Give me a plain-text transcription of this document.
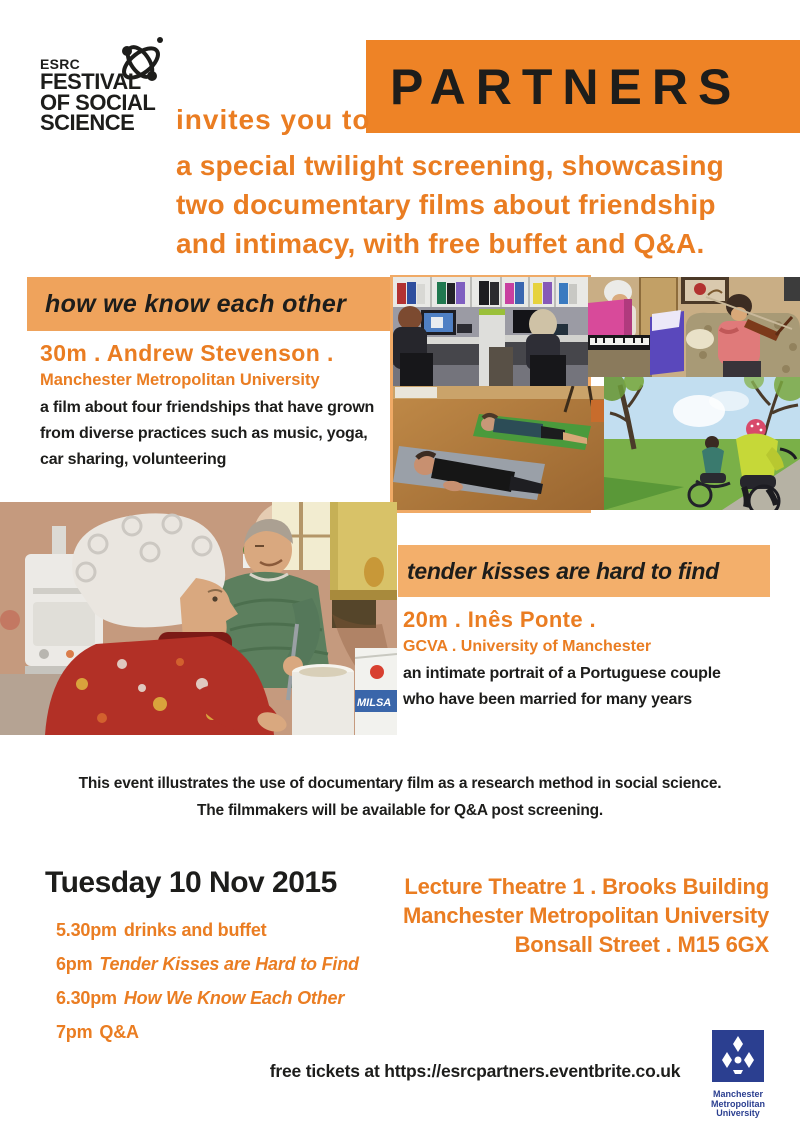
ESRC
FESTIVAL
OF SOCIAL
SCIENCE
PARTNERS
invites you to
a special twilight screening, showcasing
two documentary films about friendship
and intimacy, with free buffet and Q&A.
how we know each other
30m . Andrew Stevenson .
Manchester Metropolitan University
a film about four friendships that have grown
from diverse practices such as music, yoga,
car sharing, volunteering
MILSA
tender kisses are hard to find
20m . Inês Ponte .
GCVA . University of Manchester
an intimate portrait of a Portuguese couple
who have been married for many years
This event illustrates the use of documentary film as a research method in social science.
The filmmakers will be available for Q&A post screening.
Tuesday 10 Nov 2015
5.30pm drinks and buffet
6pm Tender Kisses are Hard to Find
6.30pm How We Know Each Other
7pm Q&A
Lecture Theatre 1 . Brooks Building
Manchester Metropolitan University
Bonsall Street . M15 6GX
free tickets at https://esrcpartners.eventbrite.co.uk
Manchester
Metropolitan
University
